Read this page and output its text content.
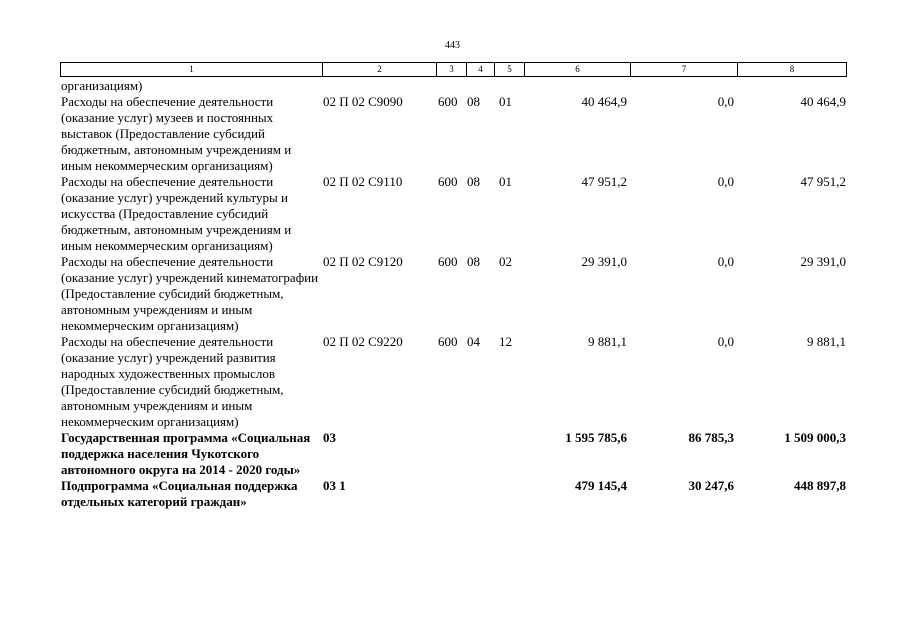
443
1	2	3	4	5	6	7	8
организациям)							
Расходы на обеспечение деятельности (оказание услуг) музеев и постоянных выставок (Предоставление субсидий бюджетным, автономным учреждениям и иным некоммерческим организациям)	02 П 02 С9090	600	08	01	40 464,9	0,0	40 464,9
Расходы на обеспечение деятельности (оказание услуг) учреждений культуры и искусства (Предоставление субсидий бюджетным, автономным учреждениям и иным некоммерческим организациям)	02 П 02 С9110	600	08	01	47 951,2	0,0	47 951,2
Расходы на обеспечение деятельности (оказание услуг) учреждений кинематографии (Предоставление субсидий бюджетным, автономным учреждениям и иным некоммерческим организациям)	02 П 02 С9120	600	08	02	29 391,0	0,0	29 391,0
Расходы на обеспечение деятельности (оказание услуг) учреждений развития народных художественных промыслов (Предоставление субсидий бюджетным, автономным учреждениям и иным некоммерческим организациям)	02 П 02 С9220	600	04	12	9 881,1	0,0	9 881,1
Государственная программа «Социальная поддержка населения Чукотского автономного округа на 2014 - 2020 годы»	03				1 595 785,6	86 785,3	1 509 000,3
Подпрограмма «Социальная поддержка отдельных категорий граждан»	03 1				479 145,4	30 247,6	448 897,8
